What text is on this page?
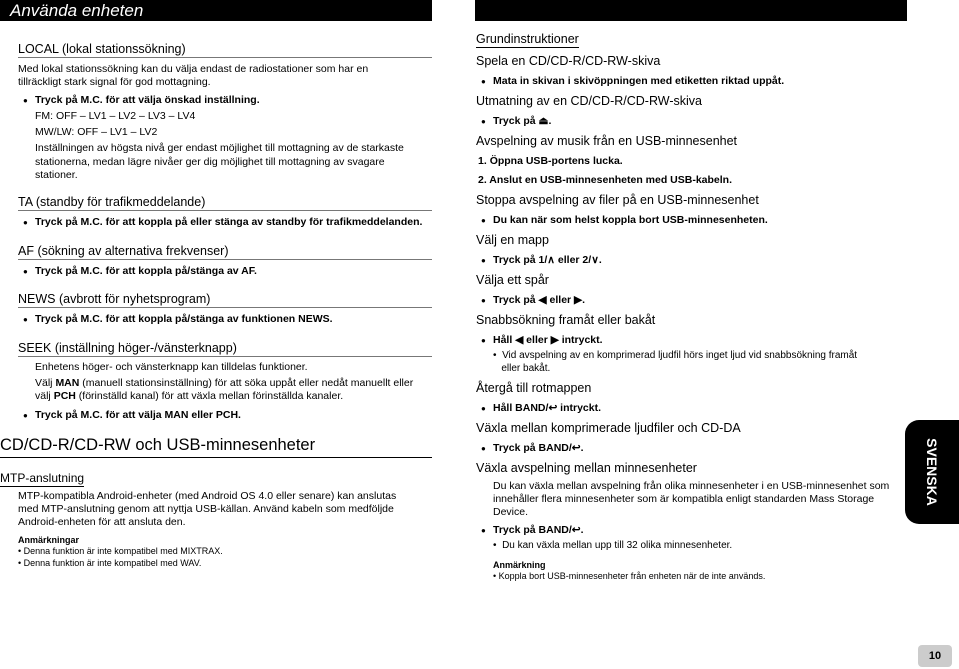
Använda enheten
LOCAL (lokal stationssökning)
Med lokal stationssökning kan du välja endast de radiostationer som har en
tillräckligt stark signal för god mottagning.
● Tryck på M.C. för att välja önskad inställning.
FM: OFF – LV1 – LV2 – LV3 – LV4
MW/LW: OFF – LV1 – LV2
Inställningen av högsta nivå ger endast möjlighet till mottagning av de starkaste
stationerna, medan lägre nivåer ger dig möjlighet till mottagning av svagare
stationer.
TA (standby för trafikmeddelande)
● Tryck på M.C. för att koppla på eller stänga av standby för trafikmeddelanden.
AF (sökning av alternativa frekvenser)
● Tryck på M.C. för att koppla på/stänga av AF.
NEWS (avbrott för nyhetsprogram)
● Tryck på M.C. för att koppla på/stänga av funktionen NEWS.
SEEK (inställning höger-/vänsterknapp)
Enhetens höger- och vänsterknapp kan tilldelas funktioner.
Välj MAN (manuell stationsinställning) för att söka uppåt eller nedåt manuellt eller
välj PCH (förinställd kanal) för att växla mellan förinställda kanaler.
● Tryck på M.C. för att välja MAN eller PCH.
CD/CD-R/CD-RW och USB-minnesenheter
MTP-anslutning
MTP-kompatibla Android-enheter (med Android OS 4.0 eller senare) kan anslutas
med MTP-anslutning genom att nyttja USB-källan. Använd kabeln som medföljde
Android-enheten för att ansluta den.
Anmärkningar
• Denna funktion är inte kompatibel med MIXTRAX.
• Denna funktion är inte kompatibel med WAV.
Grundinstruktioner
Spela en CD/CD-R/CD-RW-skiva
● Mata in skivan i skivöppningen med etiketten riktad uppåt.
Utmatning av en CD/CD-R/CD-RW-skiva
● Tryck på ⏏.
Avspelning av musik från en USB-minnesenhet
1. Öppna USB-portens lucka.
2. Anslut en USB-minnesenheten med USB-kabeln.
Stoppa avspelning av filer på en USB-minnesenhet
● Du kan när som helst koppla bort USB-minnesenheten.
Välj en mapp
● Tryck på 1/∧ eller 2/∨.
Välja ett spår
● Tryck på ◀ eller ▶.
Snabbsökning framåt eller bakåt
● Håll ◀ eller ▶ intryckt.
•  Vid avspelning av en komprimerad ljudfil hörs inget ljud vid snabbsökning framåt
eller bakåt.
Återgå till rotmappen
● Håll BAND/↩ intryckt.
Växla mellan komprimerade ljudfiler och CD-DA
● Tryck på BAND/↩.
Växla avspelning mellan minnesenheter
Du kan växla mellan avspelning från olika minnesenheter i en USB-minnesenhet som
innehåller flera minnesenheter som är kompatibla enligt standarden Mass Storage
Device.
● Tryck på BAND/↩.
•  Du kan växla mellan upp till 32 olika minnesenheter.
Anmärkning
• Koppla bort USB-minnesenheter från enheten när de inte används.
SVENSKA
10
